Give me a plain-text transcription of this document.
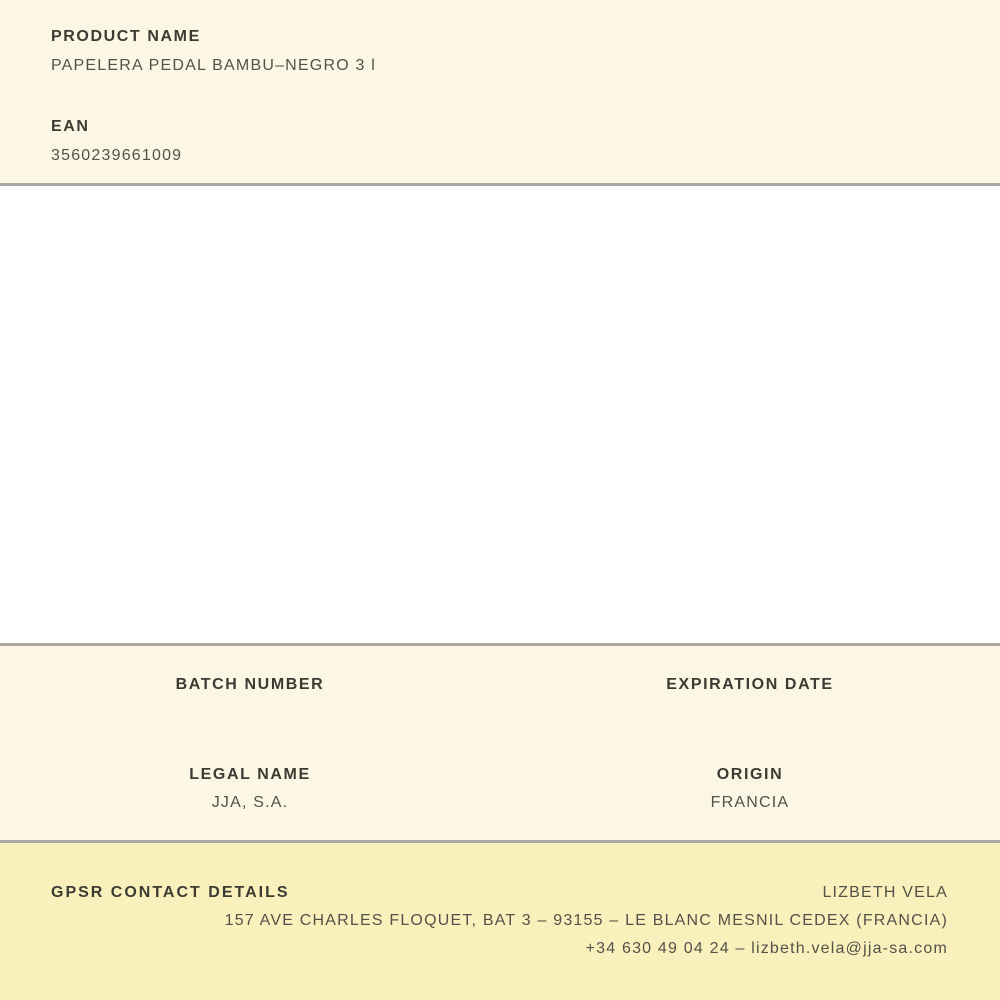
PRODUCT NAME
PAPELERA PEDAL BAMBU–NEGRO 3 l
EAN
3560239661009
BATCH NUMBER	EXPIRATION DATE
LEGAL NAME
JJA, S.A.
ORIGIN
FRANCIA
GPSR CONTACT DETAILS	LIZBETH VELA
157 AVE CHARLES FLOQUET, BAT 3 – 93155 – LE BLANC MESNIL CEDEX (FRANCIA)
+34 630 49 04 24 – lizbeth.vela@jja-sa.com
